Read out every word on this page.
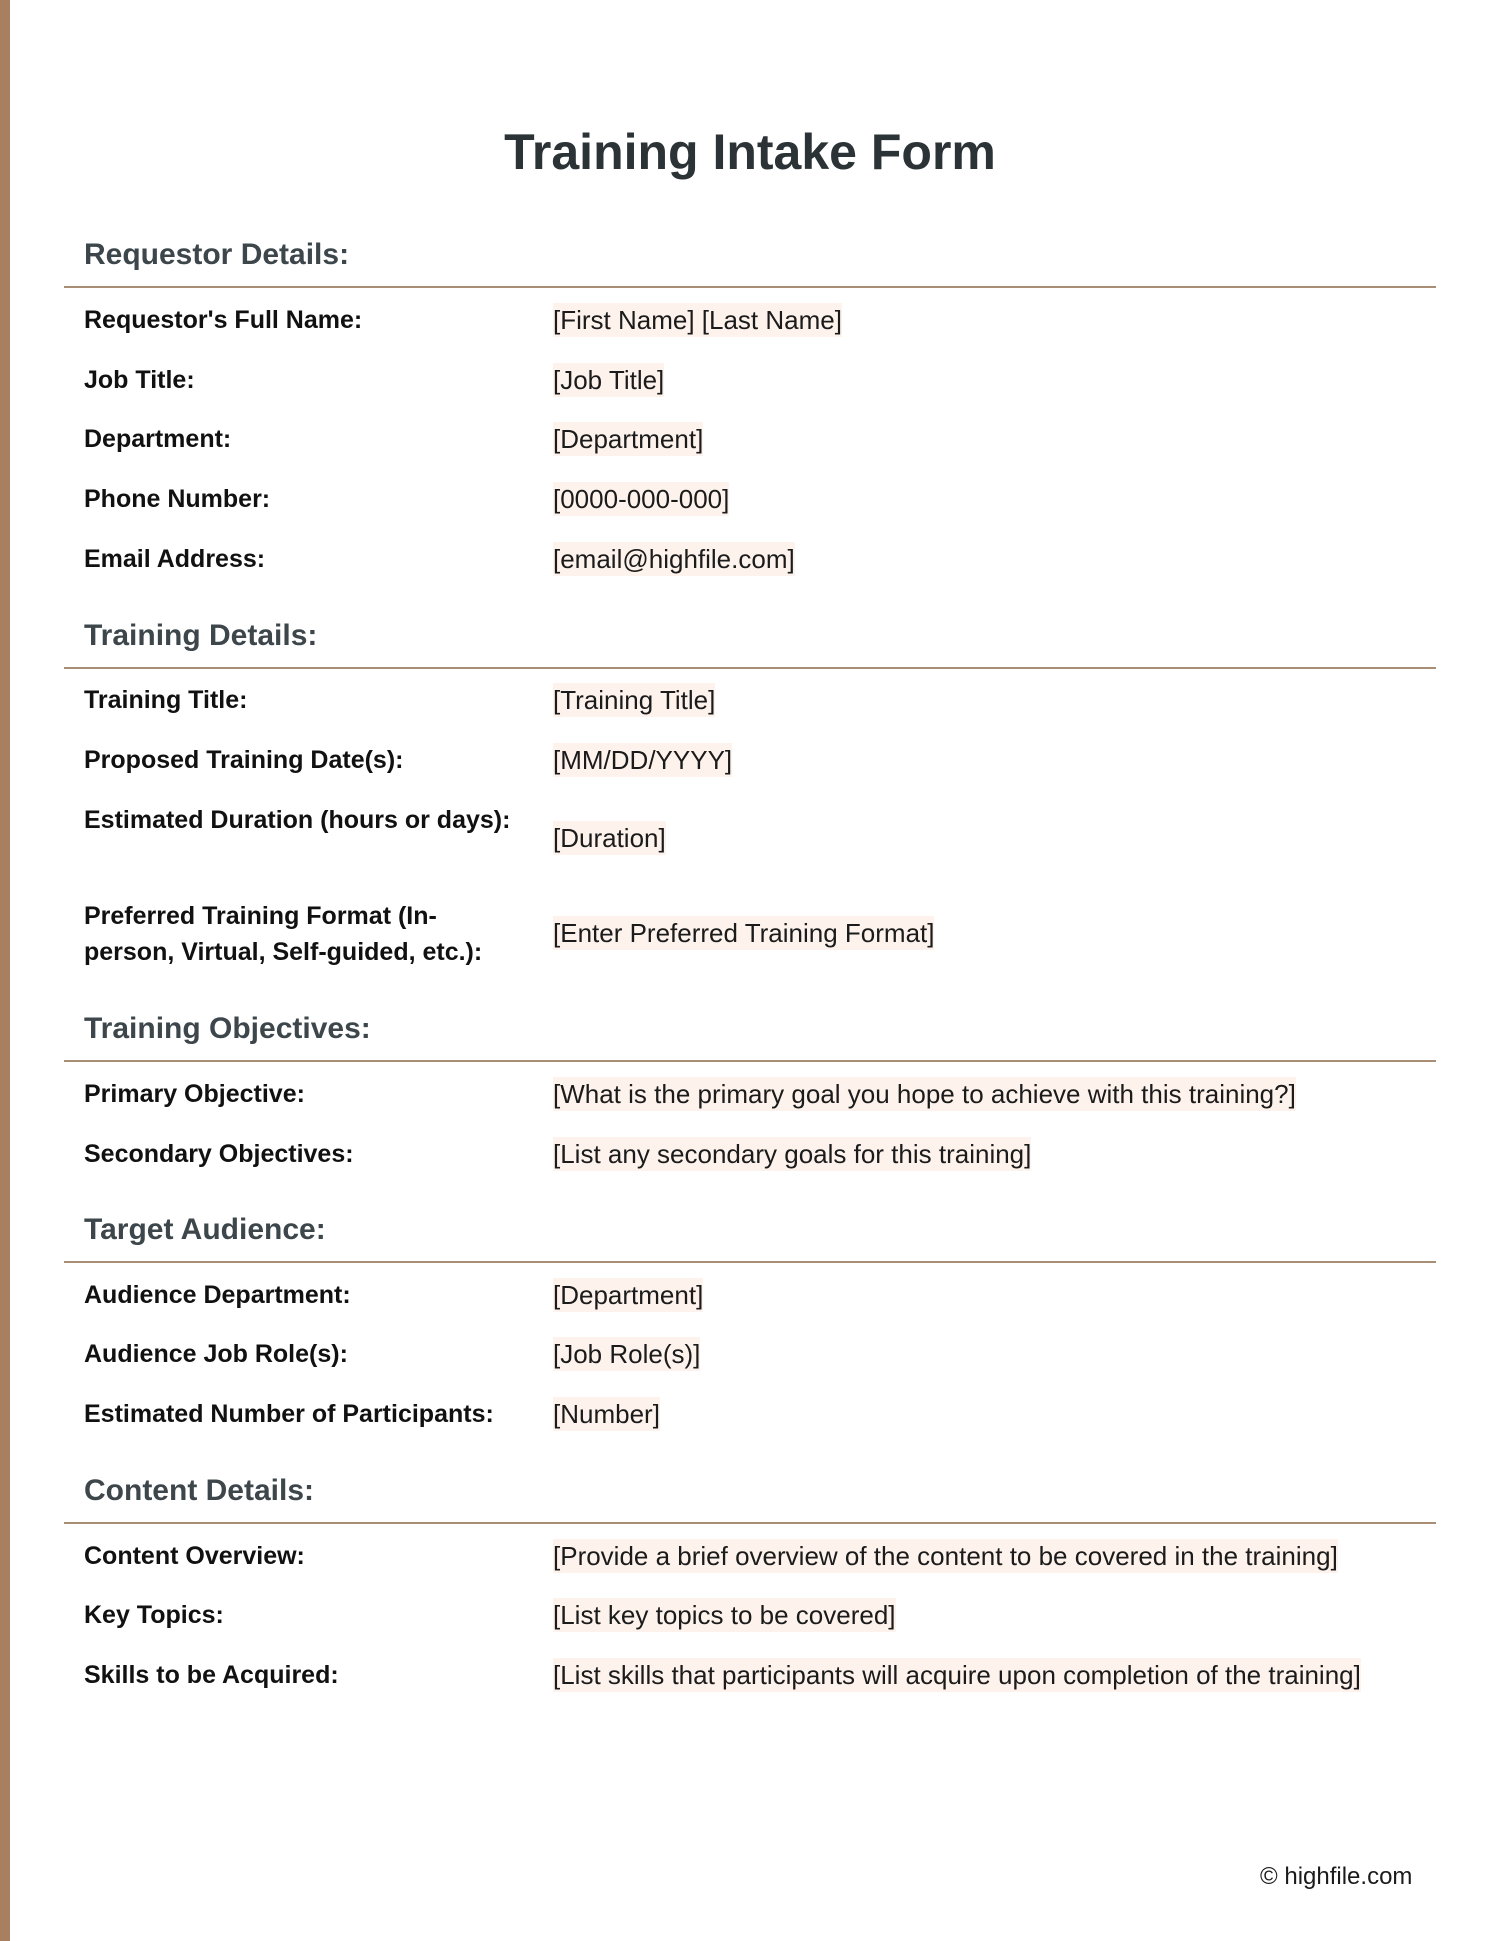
Training Intake Form
Requestor Details:
Requestor's Full Name:	[First Name] [Last Name]
Job Title:	[Job Title]
Department:	[Department]
Phone Number:	[0000-000-000]
Email Address:	[email@highfile.com]
Training Details:
Training Title:	[Training Title]
Proposed Training Date(s):	[MM/DD/YYYY]
Estimated Duration (hours or days):
[Duration]
Preferred Training Format (In-person, Virtual, Self-guided, etc.):
[Enter Preferred Training Format]
Training Objectives:
Primary Objective:	[What is the primary goal you hope to achieve with this training?]
Secondary Objectives:	[List any secondary goals for this training]
Target Audience:
Audience Department:	[Department]
Audience Job Role(s):	[Job Role(s)]
Estimated Number of Participants:	[Number]
Content Details:
Content Overview:	[Provide a brief overview of the content to be covered in the training]
Key Topics:	[List key topics to be covered]
Skills to be Acquired:	[List skills that participants will acquire upon completion of the training]
© highfile.com
